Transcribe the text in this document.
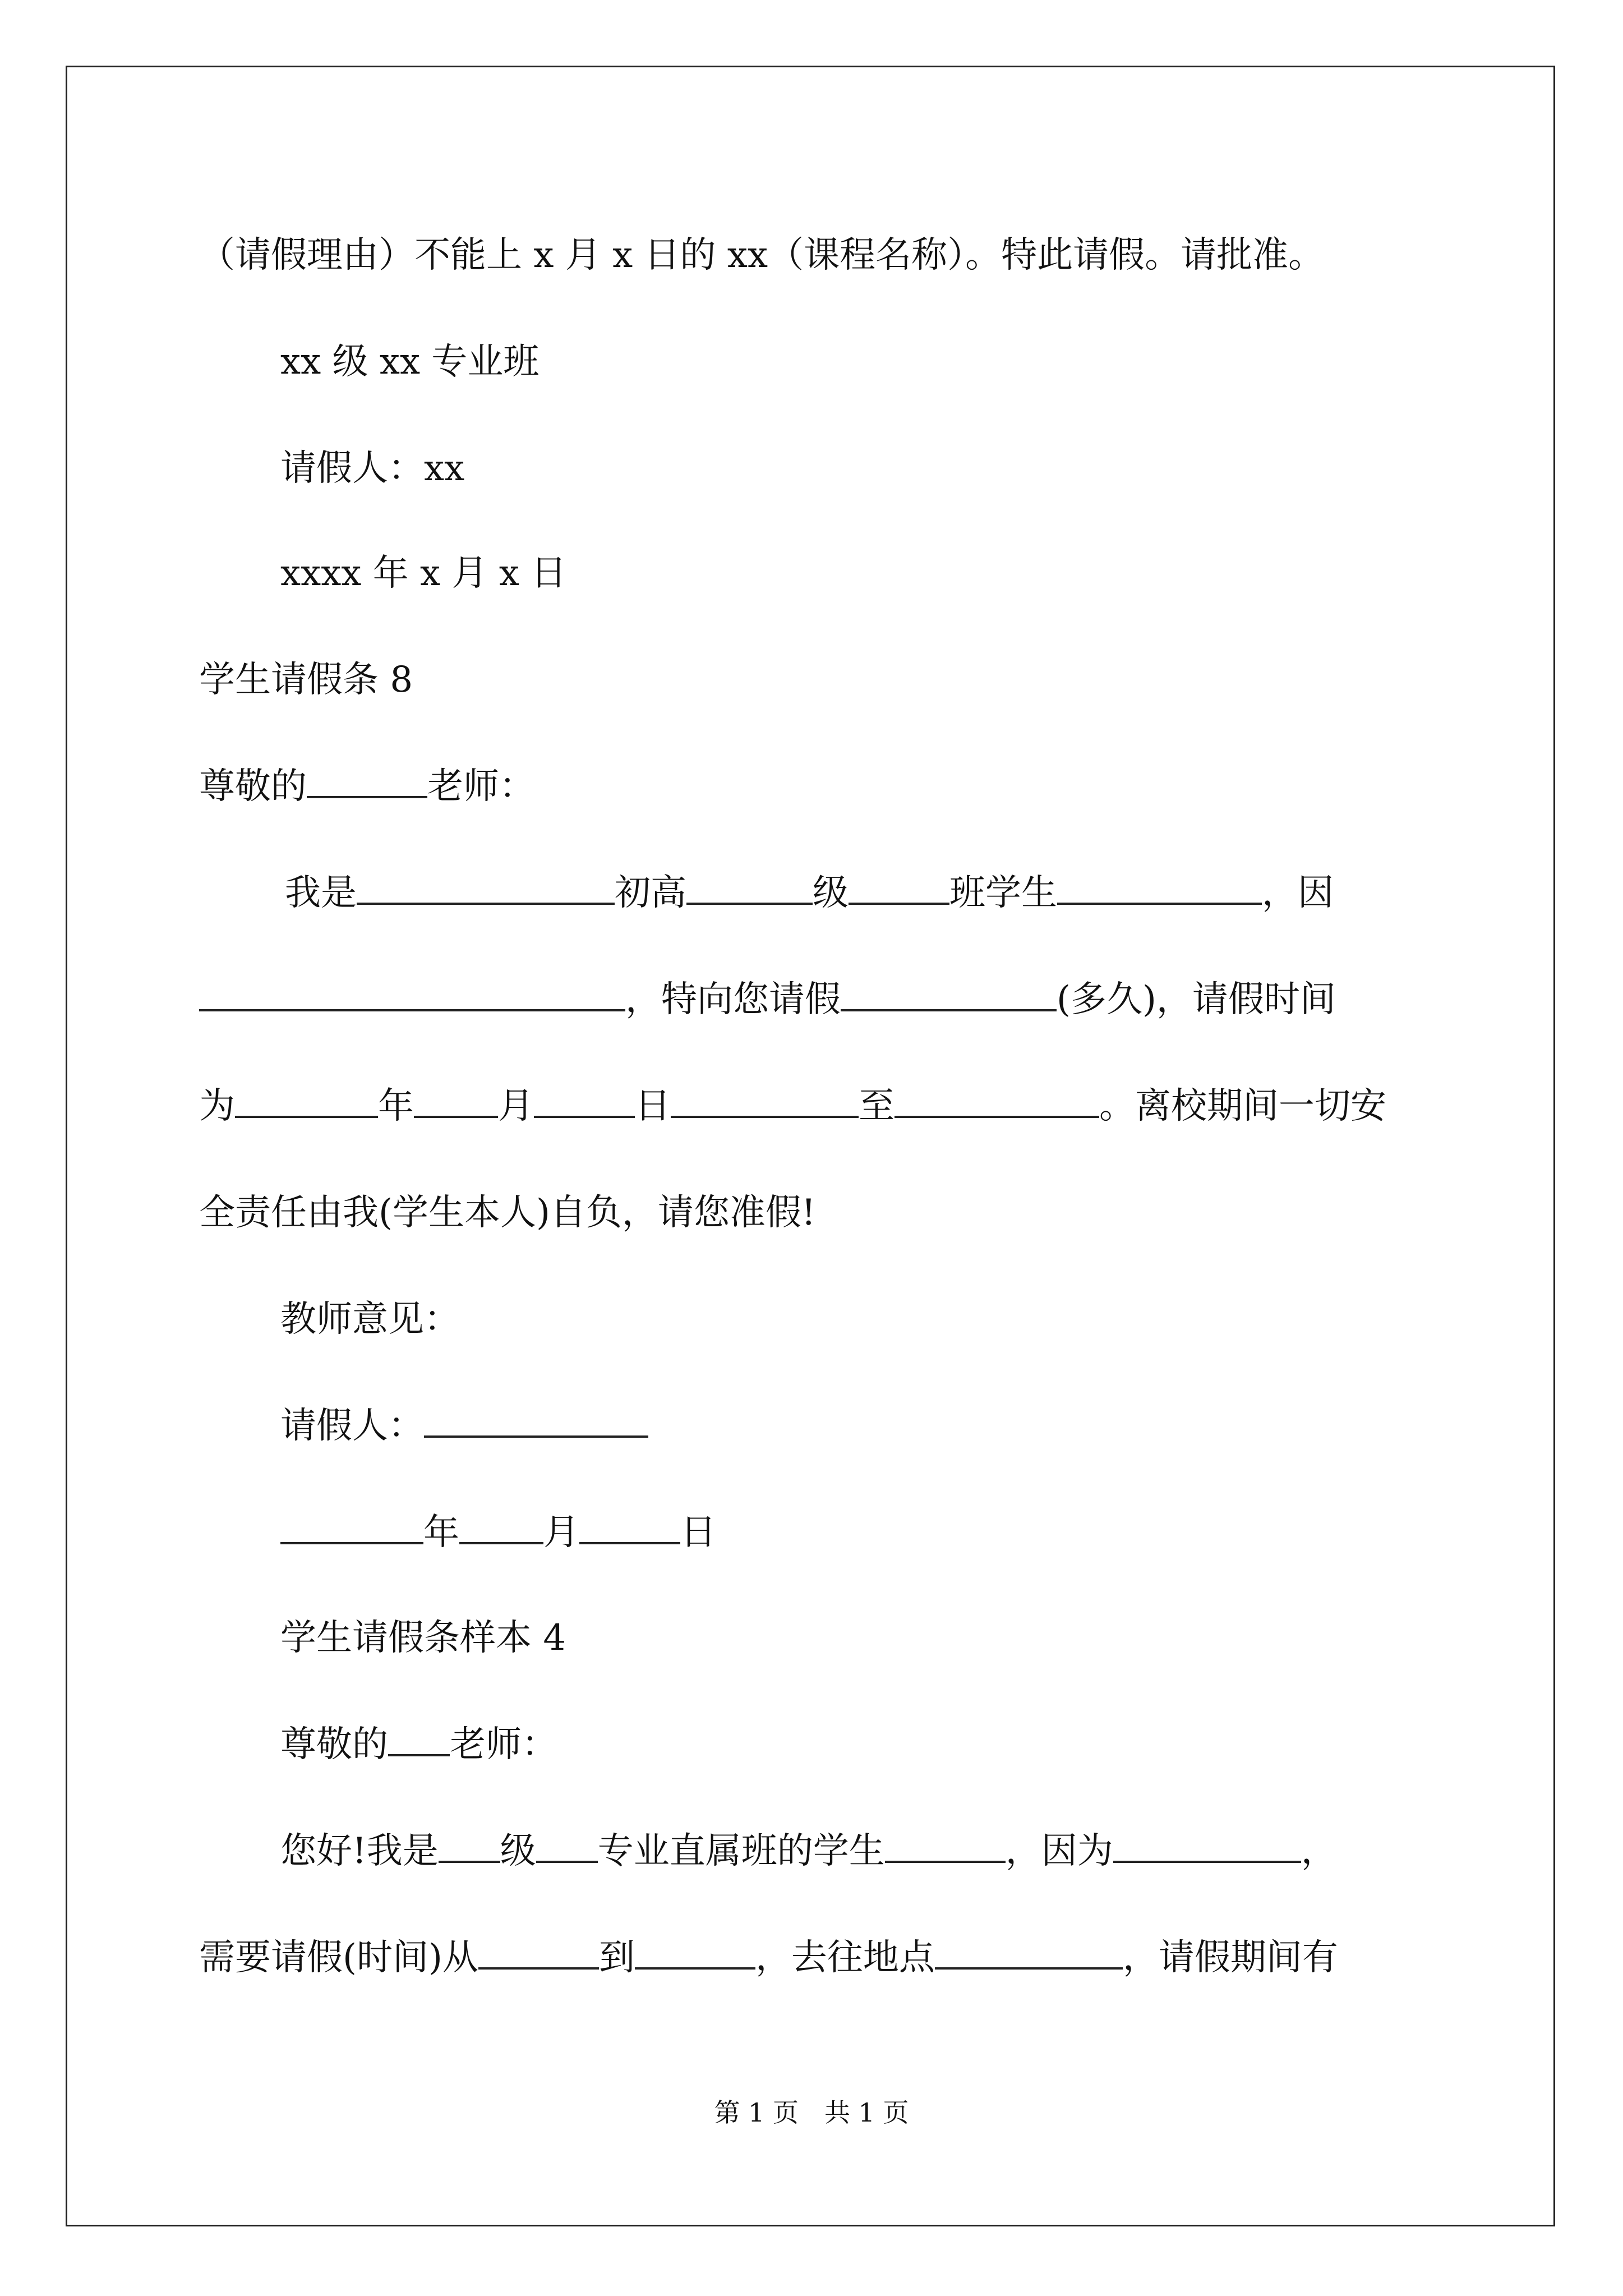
（请假理由）不能上 x 月 x 日的 xx（课程名称）。特此请假。请批准。
xx 级 xx 专业班
请假人：xx
xxxx 年 x 月 x 日
学生请假条 8
尊敬的	老师：
我是	初高	级	班学生	，因
，特向您请假	(多久)，请假时间
为	年 月	日	至	。离校期间一切安
全责任由我(学生本人)自负，请您准假!
教师意见：
请假人：
年 月	日
学生请假条样本 4
尊敬的 老师：
您好!我是 级 专业直属班的学生	，因为	，
需要请假(时间)从	到	，去往地点	，请假期间有
第 1 页　共 1 页
